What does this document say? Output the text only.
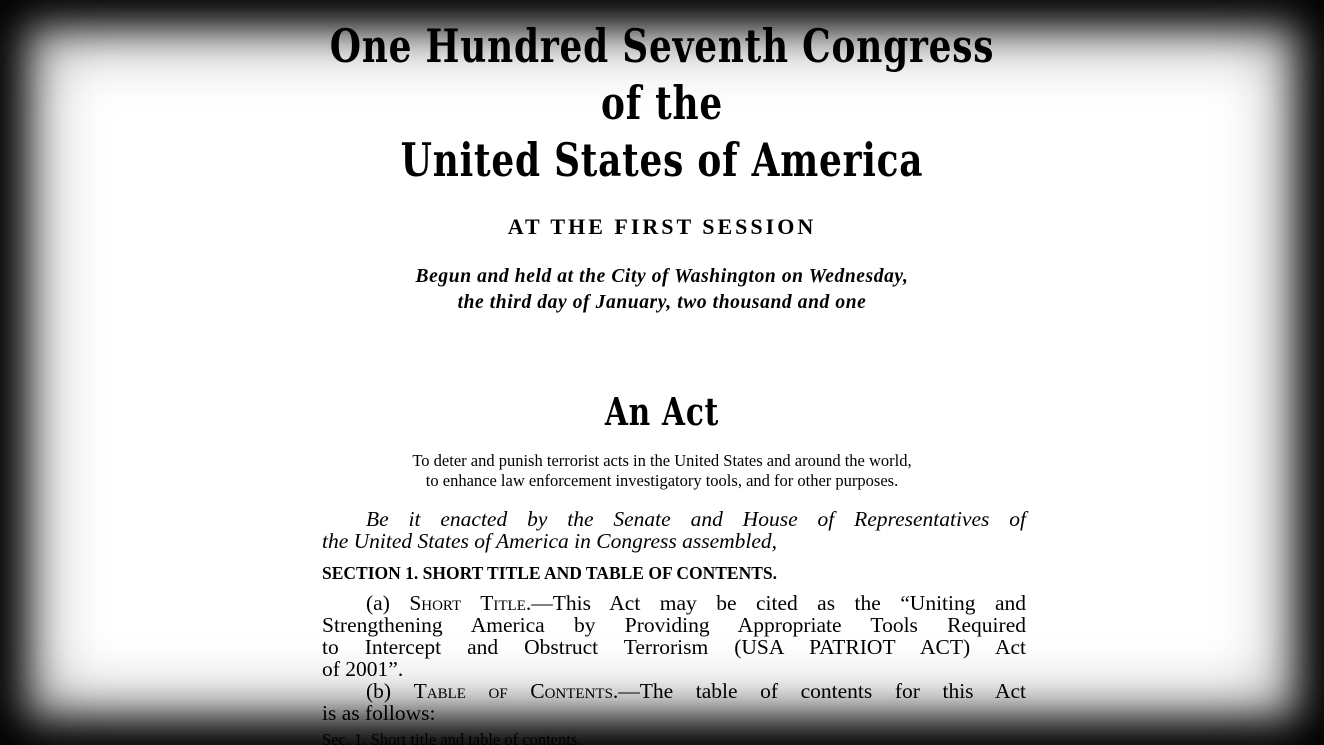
One Hundred Seventh Congress
of the
United States of America
AT THE FIRST SESSION
Begun and held at the City of Washington on Wednesday,
the third day of January, two thousand and one
An Act
To deter and punish terrorist acts in the United States and around the world,
to enhance law enforcement investigatory tools, and for other purposes.
Be it enacted by the Senate and House of Representatives of
the United States of America in Congress assembled,
SECTION 1. SHORT TITLE AND TABLE OF CONTENTS.
(a) Short Title.—This Act may be cited as the “Uniting and
Strengthening America by Providing Appropriate Tools Required
to Intercept and Obstruct Terrorism (USA PATRIOT ACT) Act
of 2001”.
(b) Table of Contents.—The table of contents for this Act
is as follows:
Sec. 1. Short title and table of contents.
